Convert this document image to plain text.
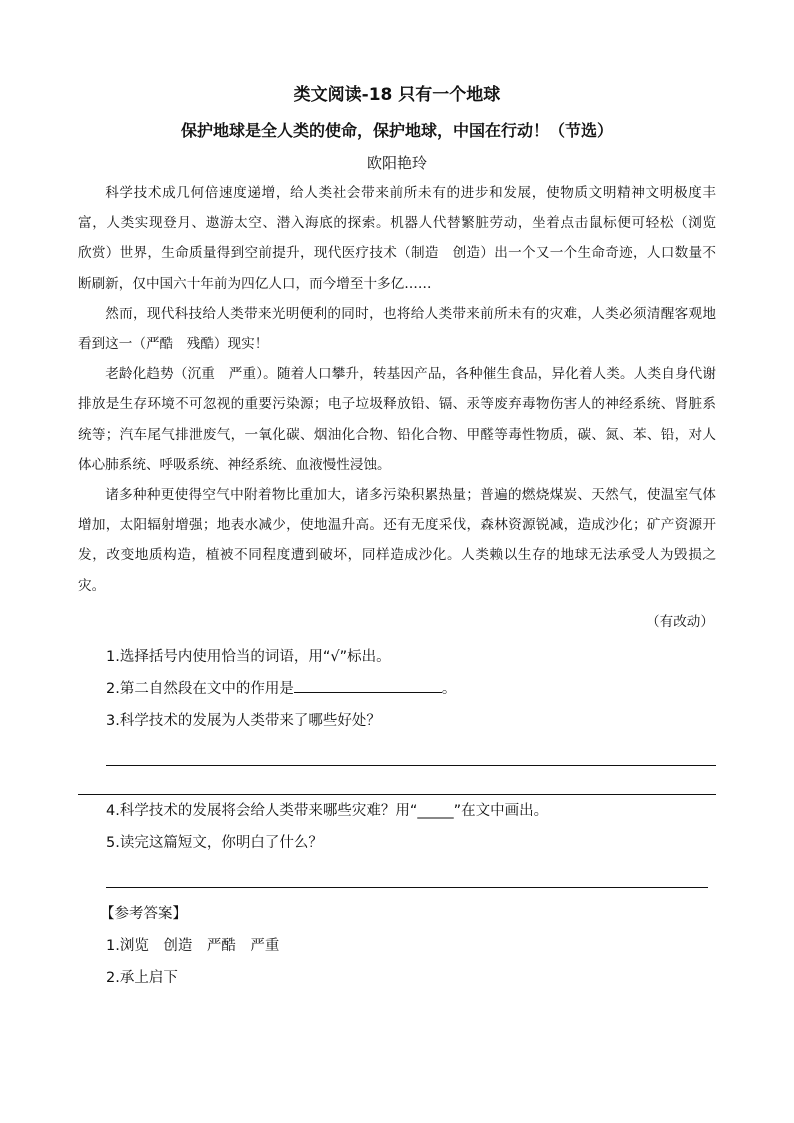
类文阅读-18 只有一个地球

保护地球是全人类的使命，保护地球，中国在行动！（节选）

欧阳艳玲

科学技术成几何倍速度递增，给人类社会带来前所未有的进步和发展，使物质文明精神文明极度丰富，人类实现登月、遨游太空、潜入海底的探索。机器人代替繁脏劳动，坐着点击鼠标便可轻松（浏览　欣赏）世界，生命质量得到空前提升，现代医疗技术（制造　创造）出一个又一个生命奇迹，人口数量不断刷新，仅中国六十年前为四亿人口，而今增至十多亿……

然而，现代科技给人类带来光明便利的同时，也将给人类带来前所未有的灾难，人类必须清醒客观地看到这一（严酷　残酷）现实！

老龄化趋势（沉重　严重）。随着人口攀升，转基因产品，各种催生食品，异化着人类。人类自身代谢排放是生存环境不可忽视的重要污染源；电子垃圾释放铅、镉、汞等废弃毒物伤害人的神经系统、肾脏系统等；汽车尾气排泄废气，一氧化碳、烟油化合物、铅化合物、甲醛等毒性物质，碳、氮、苯、铅，对人体心肺系统、呼吸系统、神经系统、血液慢性浸蚀。

诸多种种更使得空气中附着物比重加大，诸多污染积累热量；普遍的燃烧煤炭、天然气，使温室气体增加，太阳辐射增强；地表水减少，使地温升高。还有无度采伐，森林资源锐减，造成沙化；矿产资源开发，改变地质构造，植被不同程度遭到破坏，同样造成沙化。人类赖以生存的地球无法承受人为毁损之灾。

（有改动）

1.选择括号内使用恰当的词语，用“√”标出。

2.第二自然段在文中的作用是	。

3.科学技术的发展为人类带来了哪些好处？

4.科学技术的发展将会给人类带来哪些灾难？用“_____”在文中画出。

5.读完这篇短文，你明白了什么？

【参考答案】

1.浏览　创造　严酷　严重

2.承上启下
